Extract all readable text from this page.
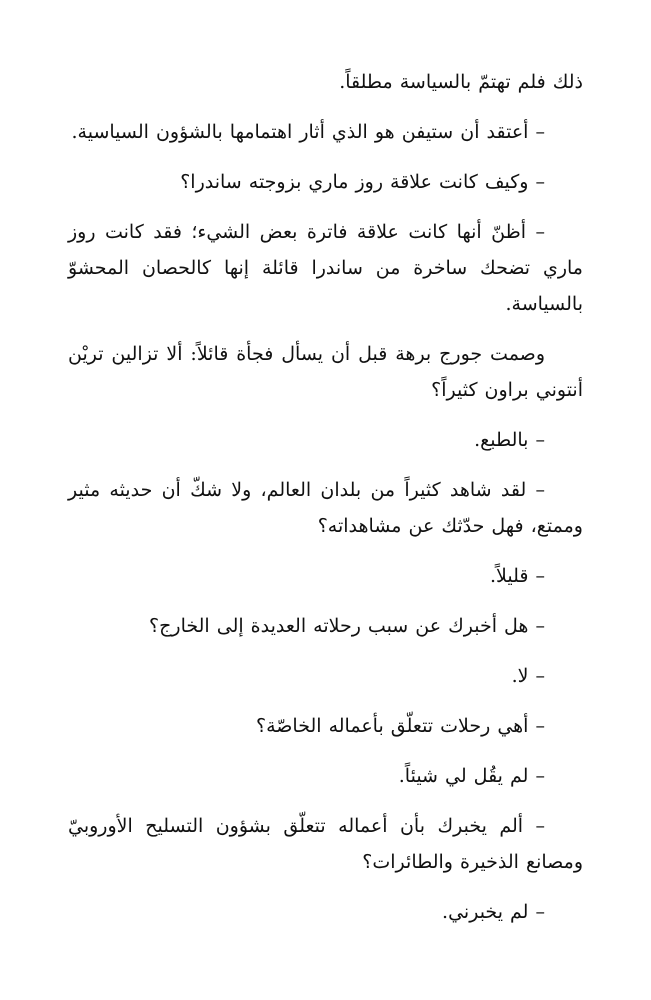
ذلك فلم تهتمّ بالسياسة مطلقاً.

– أعتقد أن ستيفن هو الذي أثار اهتمامها بالشؤون السياسية.

– وكيف كانت علاقة روز ماري بزوجته ساندرا؟

– أظنّ أنها كانت علاقة فاترة بعض الشيء؛ فقد كانت روز ماري تضحك ساخرة من ساندرا قائلة إنها كالحصان المحشوّ بالسياسة.

وصمت جورج برهة قبل أن يسأل فجأة قائلاً: ألا تزالين تريْن أنتوني براون كثيراً؟

– بالطبع.

– لقد شاهد كثيراً من بلدان العالم، ولا شكّ أن حديثه مثير وممتع، فهل حدّثك عن مشاهداته؟

– قليلاً.

– هل أخبرك عن سبب رحلاته العديدة إلى الخارج؟

– لا.

– أهي رحلات تتعلّق بأعماله الخاصّة؟

– لم يقُل لي شيئاً.

– ألم يخبرك بأن أعماله تتعلّق بشؤون التسليح الأوروبيّ ومصانع الذخيرة والطائرات؟

– لم يخبرني.
